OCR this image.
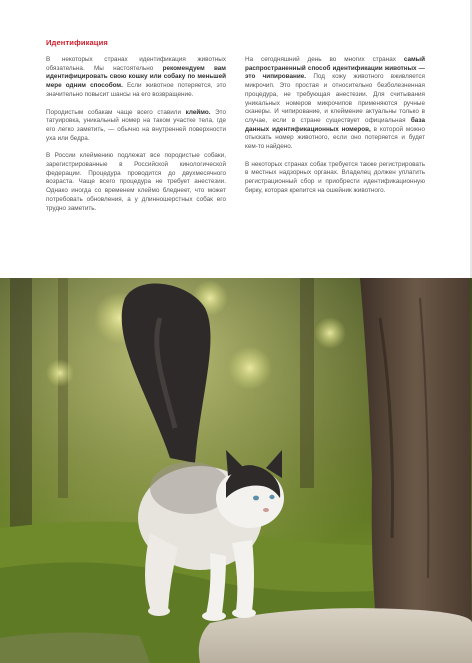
Идентификация

В некоторых странах идентификация животных обязательна. Мы настоятельно рекомендуем вам идентифицировать свою кошку или собаку по меньшей мере одним способом. Если животное потеряется, это значительно повысит шансы на его возвращение.

Породистым собакам чаще всего ставили клеймо. Это татуировка, уникальный номер на таком участке тела, где его легко заметить, — обычно на внутренней поверхности уха или бедра.

В России клеймению подлежат все породистые собаки, зарегистрированные в Российской кинологической федерации. Процедура проводится до двухмесячного возраста. Чаще всего процедура не требует анестезии. Однако иногда со временем клеймо бледнеет, что может потребовать обновления, а у длинношерстных собак его трудно заметить.

На сегодняшний день во многих странах самый распространенный способ идентификации животных — это чипирование. Под кожу животного вживляется микрочип. Это простая и относительно безболезненная процедура, не требующая анестезии. Для считывания уникальных номеров микрочипов применяются ручные сканеры. И чипирование, и клеймение актуальны только в случае, если в стране существует официальная база данных идентификационных номеров, в которой можно отыскать номер животного, если оно потеряется и будет кем-то найдено.

В некоторых странах собак требуется также регистрировать в местных надзорных органах. Владелец должен уплатить регистрационный сбор и приобрести идентификационную бирку, которая крепится на ошейник животного.
